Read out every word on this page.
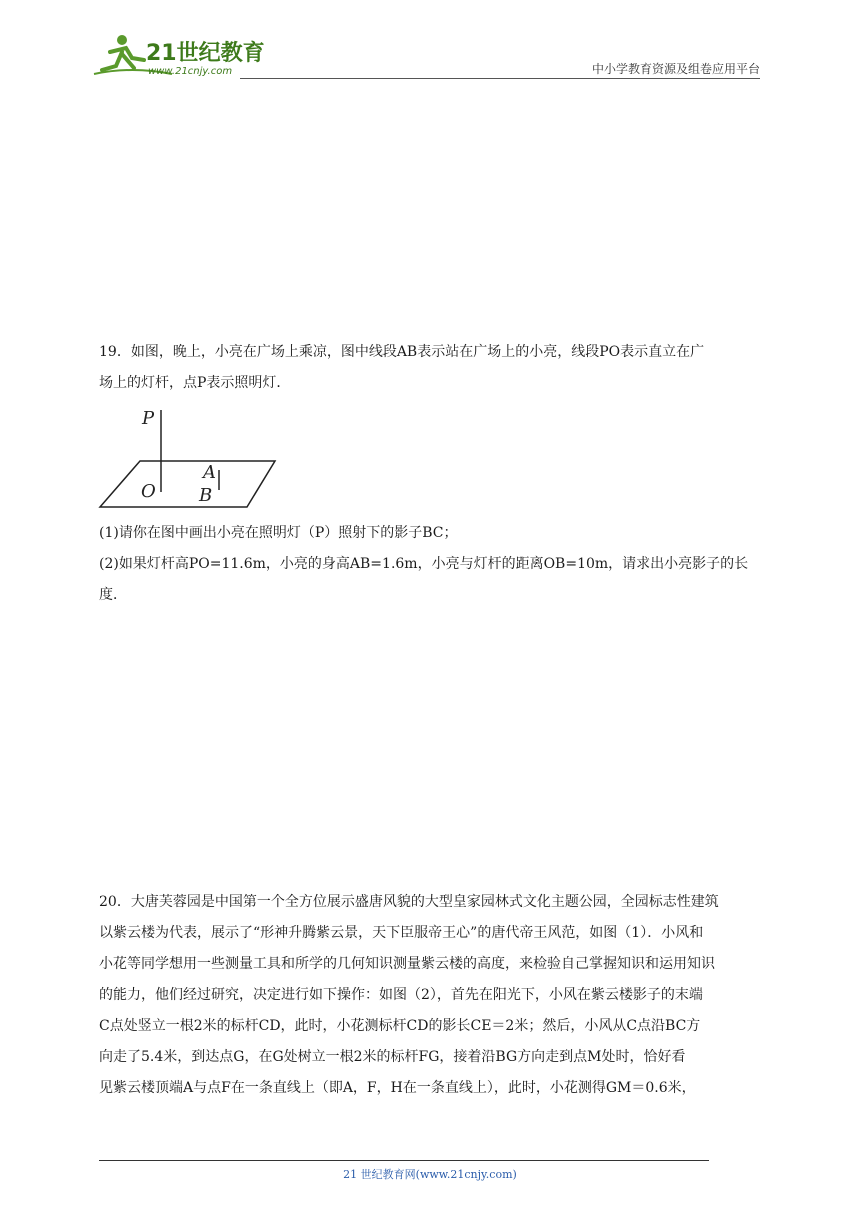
21世纪教育
www.21cnjy.com	中小学教育资源及组卷应用平台

19．如图，晚上，小亮在广场上乘凉，图中线段AB表示站在广场上的小亮，线段PO表示直立在广

场上的灯杆，点P表示照明灯．

P
O
A
B

(1)请你在图中画出小亮在照明灯（P）照射下的影子BC；

(2)如果灯杆高PO=11.6m，小亮的身高AB=1.6m，小亮与灯杆的距离OB=10m，请求出小亮影子的长

度．

20．大唐芙蓉园是中国第一个全方位展示盛唐风貌的大型皇家园林式文化主题公园，全园标志性建筑

以紫云楼为代表，展示了“形神升腾紫云景，天下臣服帝王心”的唐代帝王风范，如图（1）．小风和

小花等同学想用一些测量工具和所学的几何知识测量紫云楼的高度，来检验自己掌握知识和运用知识

的能力，他们经过研究，决定进行如下操作：如图（2），首先在阳光下，小风在紫云楼影子的末端

C点处竖立一根2米的标杆CD，此时，小花测标杆CD的影长CE＝2米；然后，小风从C点沿BC方

向走了5.4米，到达点G，在G处树立一根2米的标杆FG，接着沿BG方向走到点M处时，恰好看

见紫云楼顶端A与点F在一条直线上（即A，F，H在一条直线上），此时，小花测得GM＝0.6米，

21 世纪教育网(www.21cnjy.com)
